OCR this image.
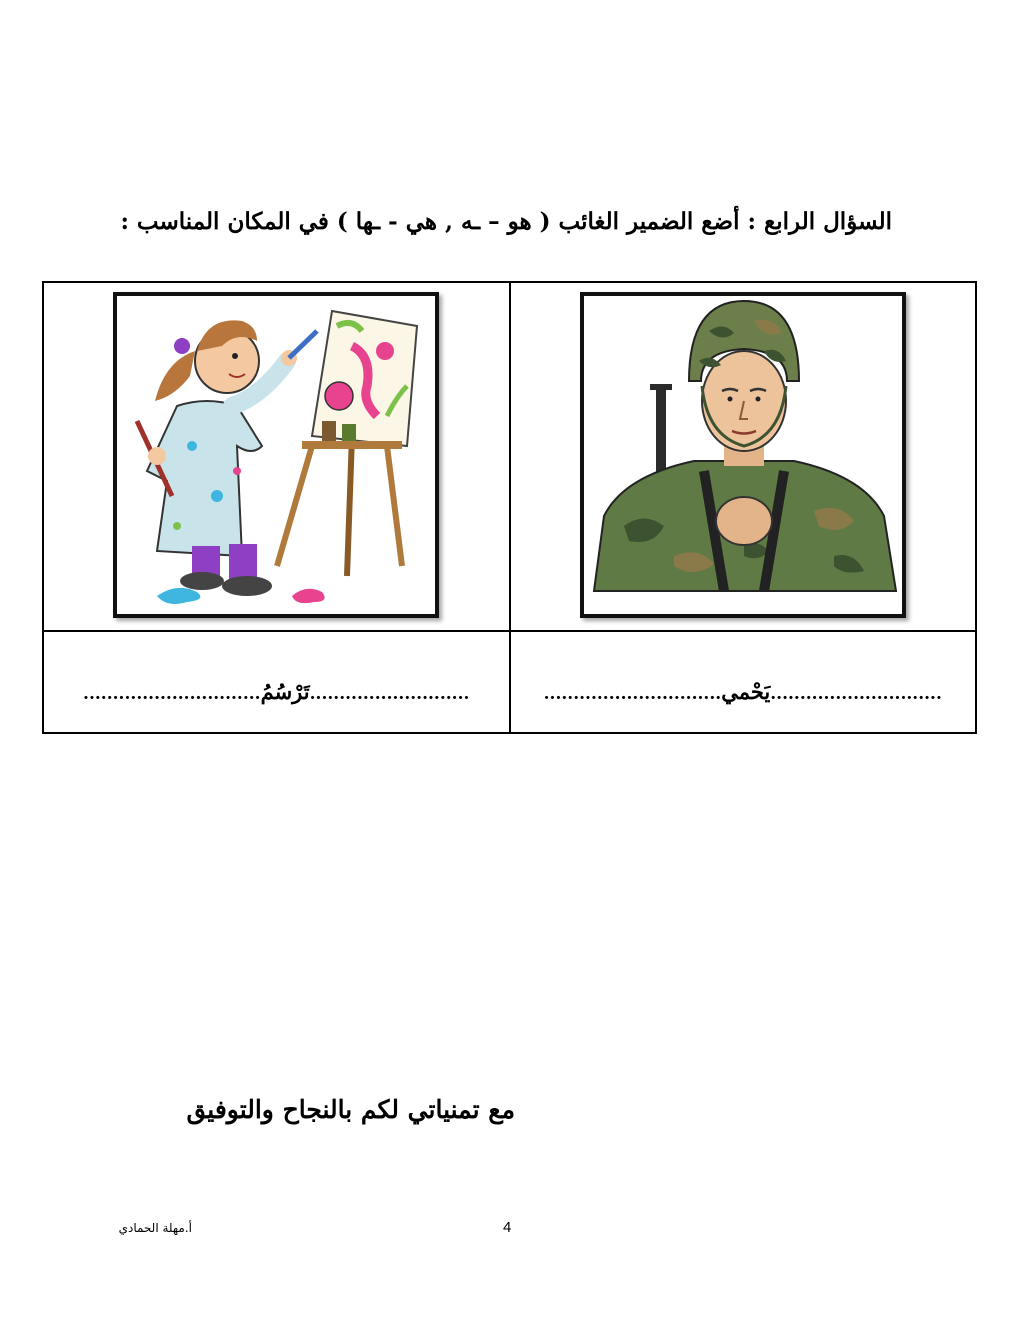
السؤال الرابع : أضع الضمير الغائب ( هو – ـه , هي - ـها ) في المكان المناسب :

...........................تَرْسُمُ..............................	.............................يَحْمي..............................
مع تمنياتي لكم بالنجاح والتوفيق
4
أ.مهلة الحمادي
